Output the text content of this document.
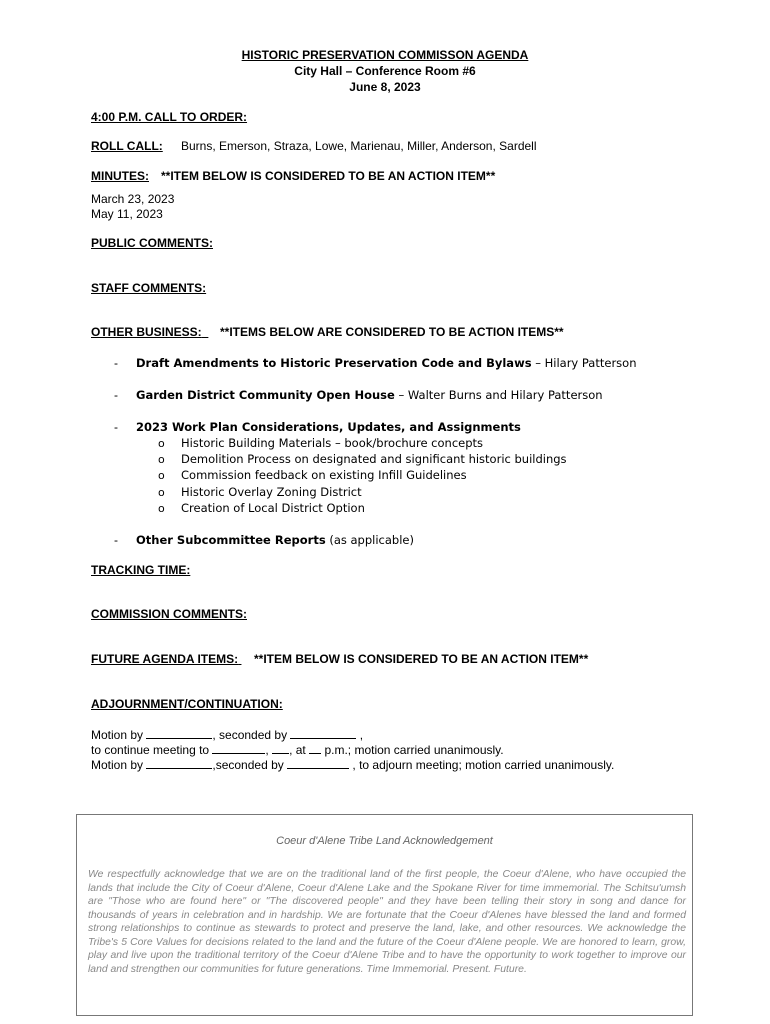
HISTORIC PRESERVATION COMMISSON AGENDA
City Hall – Conference Room #6
June 8, 2023
4:00 P.M. CALL TO ORDER:
ROLL CALL: Burns, Emerson, Straza, Lowe, Marienau, Miller, Anderson, Sardell
MINUTES: **ITEM BELOW IS CONSIDERED TO BE AN ACTION ITEM**
March 23, 2023
May 11, 2023
PUBLIC COMMENTS:
STAFF COMMENTS:
OTHER BUSINESS:	**ITEMS BELOW ARE CONSIDERED TO BE ACTION ITEMS**
- Draft Amendments to Historic Preservation Code and Bylaws – Hilary Patterson
- Garden District Community Open House – Walter Burns and Hilary Patterson
- 2023 Work Plan Considerations, Updates, and Assignments
o Historic Building Materials – book/brochure concepts
o Demolition Process on designated and significant historic buildings
o Commission feedback on existing Infill Guidelines
o Historic Overlay Zoning District
o Creation of Local District Option
- Other Subcommittee Reports (as applicable)
TRACKING TIME:
COMMISSION COMMENTS:
FUTURE AGENDA ITEMS: **ITEM BELOW IS CONSIDERED TO BE AN ACTION ITEM**
ADJOURNMENT/CONTINUATION:
Motion by	, seconded by	,
to continue meeting to	, , at  p.m.; motion carried unanimously.
Motion by	,seconded by	, to adjourn meeting; motion carried unanimously.
Coeur d'Alene Tribe Land Acknowledgement
We respectfully acknowledge that we are on the traditional land of the first people, the Coeur d'Alene, who have occupied the lands that include the City of Coeur d'Alene, Coeur d'Alene Lake and the Spokane River for time immemorial. The Schitsu'umsh are "Those who are found here" or "The discovered people" and they have been telling their story in song and dance for thousands of years in celebration and in hardship. We are fortunate that the Coeur d'Alenes have blessed the land and formed strong relationships to continue as stewards to protect and preserve the land, lake, and other resources. We acknowledge the Tribe's 5 Core Values for decisions related to the land and the future of the Coeur d'Alene people. We are honored to learn, grow, play and live upon the traditional territory of the Coeur d'Alene Tribe and to have the opportunity to work together to improve our land and strengthen our communities for future generations. Time Immemorial. Present. Future.
